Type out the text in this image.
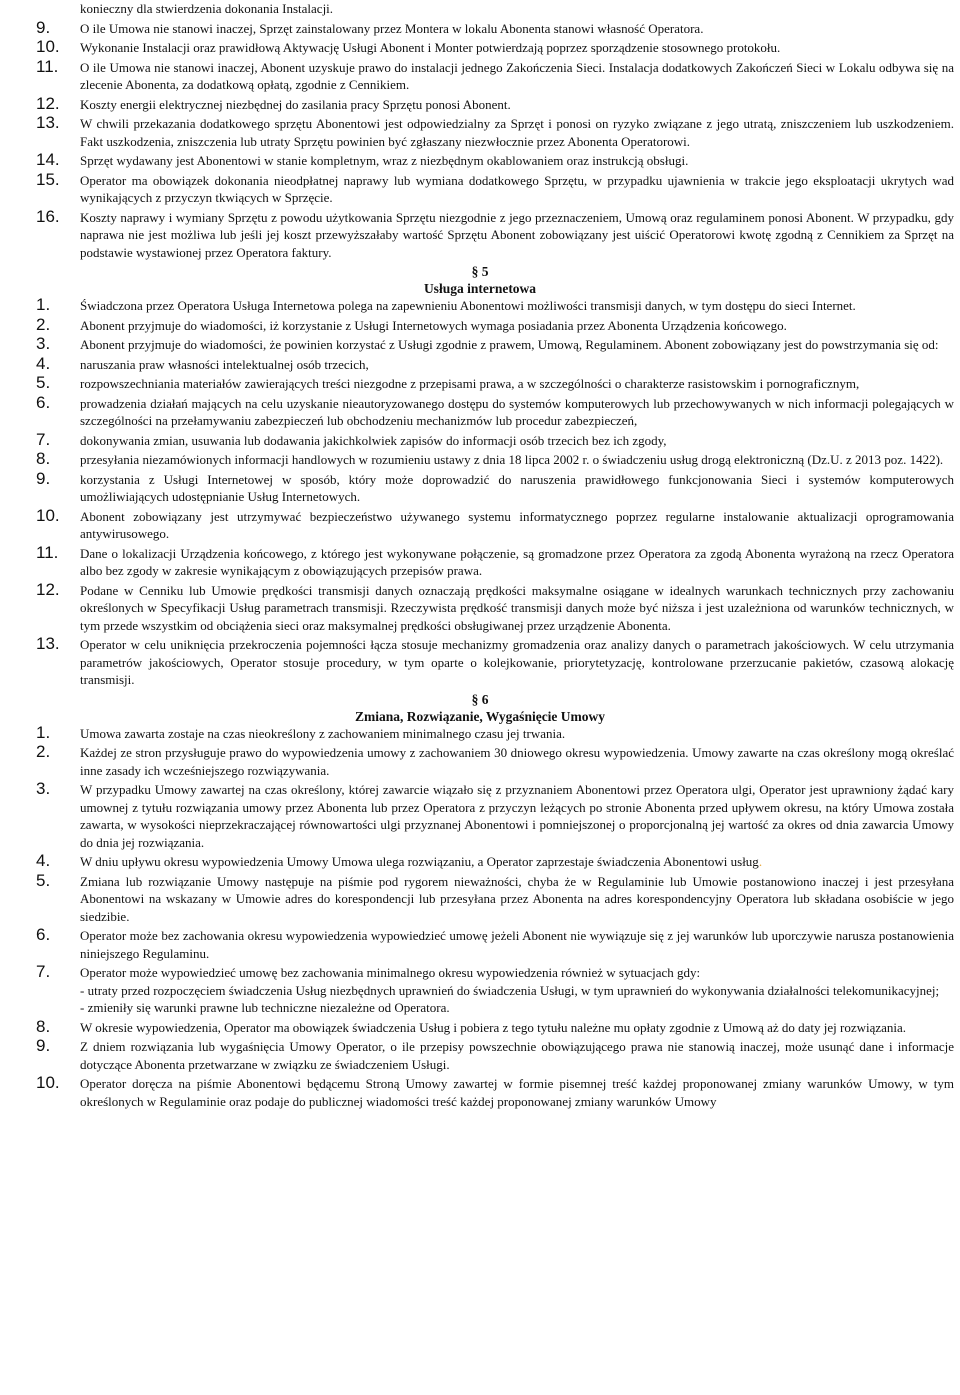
konieczny dla stwierdzenia dokonania Instalacji.

9. O ile Umowa nie stanowi inaczej, Sprzęt zainstalowany przez Montera w lokalu Abonenta stanowi własność Operatora.
10. Wykonanie Instalacji oraz prawidłową Aktywację Usługi Abonent i Monter potwierdzają poprzez sporządzenie stosownego protokołu.
11. O ile Umowa nie stanowi inaczej, Abonent uzyskuje prawo do instalacji jednego Zakończenia Sieci. Instalacja dodatkowych Zakończeń Sieci w Lokalu odbywa się na zlecenie Abonenta, za dodatkową opłatą, zgodnie z Cennikiem.
12. Koszty energii elektrycznej niezbędnej do zasilania pracy Sprzętu ponosi Abonent.
13. W chwili przekazania dodatkowego sprzętu Abonentowi jest odpowiedzialny za Sprzęt i ponosi on ryzyko związane z jego utratą, zniszczeniem lub uszkodzeniem. Fakt uszkodzenia, zniszczenia lub utraty Sprzętu powinien być zgłaszany niezwłocznie przez Abonenta Operatorowi.
14. Sprzęt wydawany jest Abonentowi w stanie kompletnym, wraz z niezbędnym okablowaniem oraz instrukcją obsługi.
15. Operator ma obowiązek dokonania nieodpłatnej naprawy lub wymiana dodatkowego Sprzętu, w przypadku ujawnienia w trakcie jego eksploatacji ukrytych wad wynikających z przyczyn tkwiących w Sprzęcie.
16. Koszty naprawy i wymiany Sprzętu z powodu użytkowania Sprzętu niezgodnie z jego przeznaczeniem, Umową oraz regulaminem ponosi Abonent. W przypadku, gdy naprawa nie jest możliwa lub jeśli jej koszt przewyższałaby wartość Sprzętu Abonent zobowiązany jest uiścić Operatorowi kwotę zgodną z Cennikiem za Sprzęt na podstawie wystawionej przez Operatora faktury.

§ 5

Usługa internetowa

1. Świadczona przez Operatora Usługa Internetowa polega na zapewnieniu Abonentowi możliwości transmisji danych, w tym dostępu do sieci Internet.
2. Abonent przyjmuje do wiadomości, iż korzystanie z Usługi Internetowych wymaga posiadania przez Abonenta Urządzenia końcowego.
3. Abonent przyjmuje do wiadomości, że powinien korzystać z Usługi zgodnie z prawem, Umową, Regulaminem. Abonent zobowiązany jest do powstrzymania się od:
4. naruszania praw własności intelektualnej osób trzecich,
5. rozpowszechniania materiałów zawierających treści niezgodne z przepisami prawa, a w szczególności o charakterze rasistowskim i pornograficznym,
6. prowadzenia działań mających na celu uzyskanie nieautoryzowanego dostępu do systemów komputerowych lub przechowywanych w nich informacji polegających w szczególności na przełamywaniu zabezpieczeń lub obchodzeniu mechanizmów lub procedur zabezpieczeń,
7. dokonywania zmian, usuwania lub dodawania jakichkolwiek zapisów do informacji osób trzecich bez ich zgody,
8. przesyłania niezamówionych informacji handlowych w rozumieniu ustawy z dnia 18 lipca 2002 r. o świadczeniu usług drogą elektroniczną (Dz.U. z 2013 poz. 1422).
9. korzystania z Usługi Internetowej w sposób, który może doprowadzić do naruszenia prawidłowego funkcjonowania Sieci i systemów komputerowych umożliwiających udostępnianie Usług Internetowych.
10. Abonent zobowiązany jest utrzymywać bezpieczeństwo używanego systemu informatycznego poprzez regularne instalowanie aktualizacji oprogramowania antywirusowego.
11. Dane o lokalizacji Urządzenia końcowego, z którego jest wykonywane połączenie, są gromadzone przez Operatora za zgodą Abonenta wyrażoną na rzecz Operatora albo bez zgody w zakresie wynikającym z obowiązujących przepisów prawa.
12. Podane w Cenniku lub Umowie prędkości transmisji danych oznaczają prędkości maksymalne osiągane w idealnych warunkach technicznych przy zachowaniu określonych w Specyfikacji Usług parametrach transmisji. Rzeczywista prędkość transmisji danych może być niższa i jest uzależniona od warunków technicznych, w tym przede wszystkim od obciążenia sieci oraz maksymalnej prędkości obsługiwanej przez urządzenie Abonenta.
13. Operator w celu uniknięcia przekroczenia pojemności łącza stosuje mechanizmy gromadzenia oraz analizy danych o parametrach jakościowych. W celu utrzymania parametrów jakościowych, Operator stosuje procedury, w tym oparte o kolejkowanie, priorytetyzację, kontrolowane przerzucanie pakietów, czasową alokację transmisji.

§ 6

Zmiana, Rozwiązanie, Wygaśnięcie Umowy

1. Umowa zawarta zostaje na czas nieokreślony z zachowaniem minimalnego czasu jej trwania.
2. Każdej ze stron przysługuje prawo do wypowiedzenia umowy z zachowaniem 30 dniowego okresu wypowiedzenia. Umowy zawarte na czas określony mogą określać inne zasady ich wcześniejszego rozwiązywania.
3. W przypadku Umowy zawartej na czas określony, której zawarcie wiązało się z przyznaniem Abonentowi przez Operatora ulgi, Operator jest uprawniony żądać kary umownej z tytułu rozwiązania umowy przez Abonenta lub przez Operatora z przyczyn leżących po stronie Abonenta przed upływem okresu, na który Umowa została zawarta, w wysokości nieprzekraczającej równowartości ulgi przyznanej Abonentowi i pomniejszonej o proporcjonalną jej wartość za okres od dnia zawarcia Umowy do dnia jej rozwiązania.
4. W dniu upływu okresu wypowiedzenia Umowy Umowa ulega rozwiązaniu, a Operator zaprzestaje świadczenia Abonentowi usług.
5. Zmiana lub rozwiązanie Umowy następuje na piśmie pod rygorem nieważności, chyba że w Regulaminie lub Umowie postanowiono inaczej i jest przesyłana Abonentowi na wskazany w Umowie adres do korespondencji lub przesyłana przez Abonenta na adres korespondencyjny Operatora lub składana osobiście w jego siedzibie.
6. Operator może bez zachowania okresu wypowiedzenia wypowiedzieć umowę jeżeli Abonent nie wywiązuje się z jej warunków lub uporczywie narusza postanowienia niniejszego Regulaminu.
7. Operator może wypowiedzieć umowę bez zachowania minimalnego okresu wypowiedzenia również w sytuacjach gdy:
- utraty przed rozpoczęciem świadczenia Usług niezbędnych uprawnień do świadczenia Usługi, w tym uprawnień do wykonywania działalności telekomunikacyjnej;
- zmieniły się warunki prawne lub techniczne niezależne od Operatora.
8. W okresie wypowiedzenia, Operator ma obowiązek świadczenia Usług i pobiera z tego tytułu należne mu opłaty zgodnie z Umową aż do daty jej rozwiązania.
9. Z dniem rozwiązania lub wygaśnięcia Umowy Operator, o ile przepisy powszechnie obowiązującego prawa nie stanowią inaczej, może usunąć dane i informacje dotyczące Abonenta przetwarzane w związku ze świadczeniem Usługi.
10. Operator doręcza na piśmie Abonentowi będącemu Stroną Umowy zawartej w formie pisemnej treść każdej proponowanej zmiany warunków Umowy, w tym określonych w Regulaminie oraz podaje do publicznej wiadomości treść każdej proponowanej zmiany warunków Umowy
